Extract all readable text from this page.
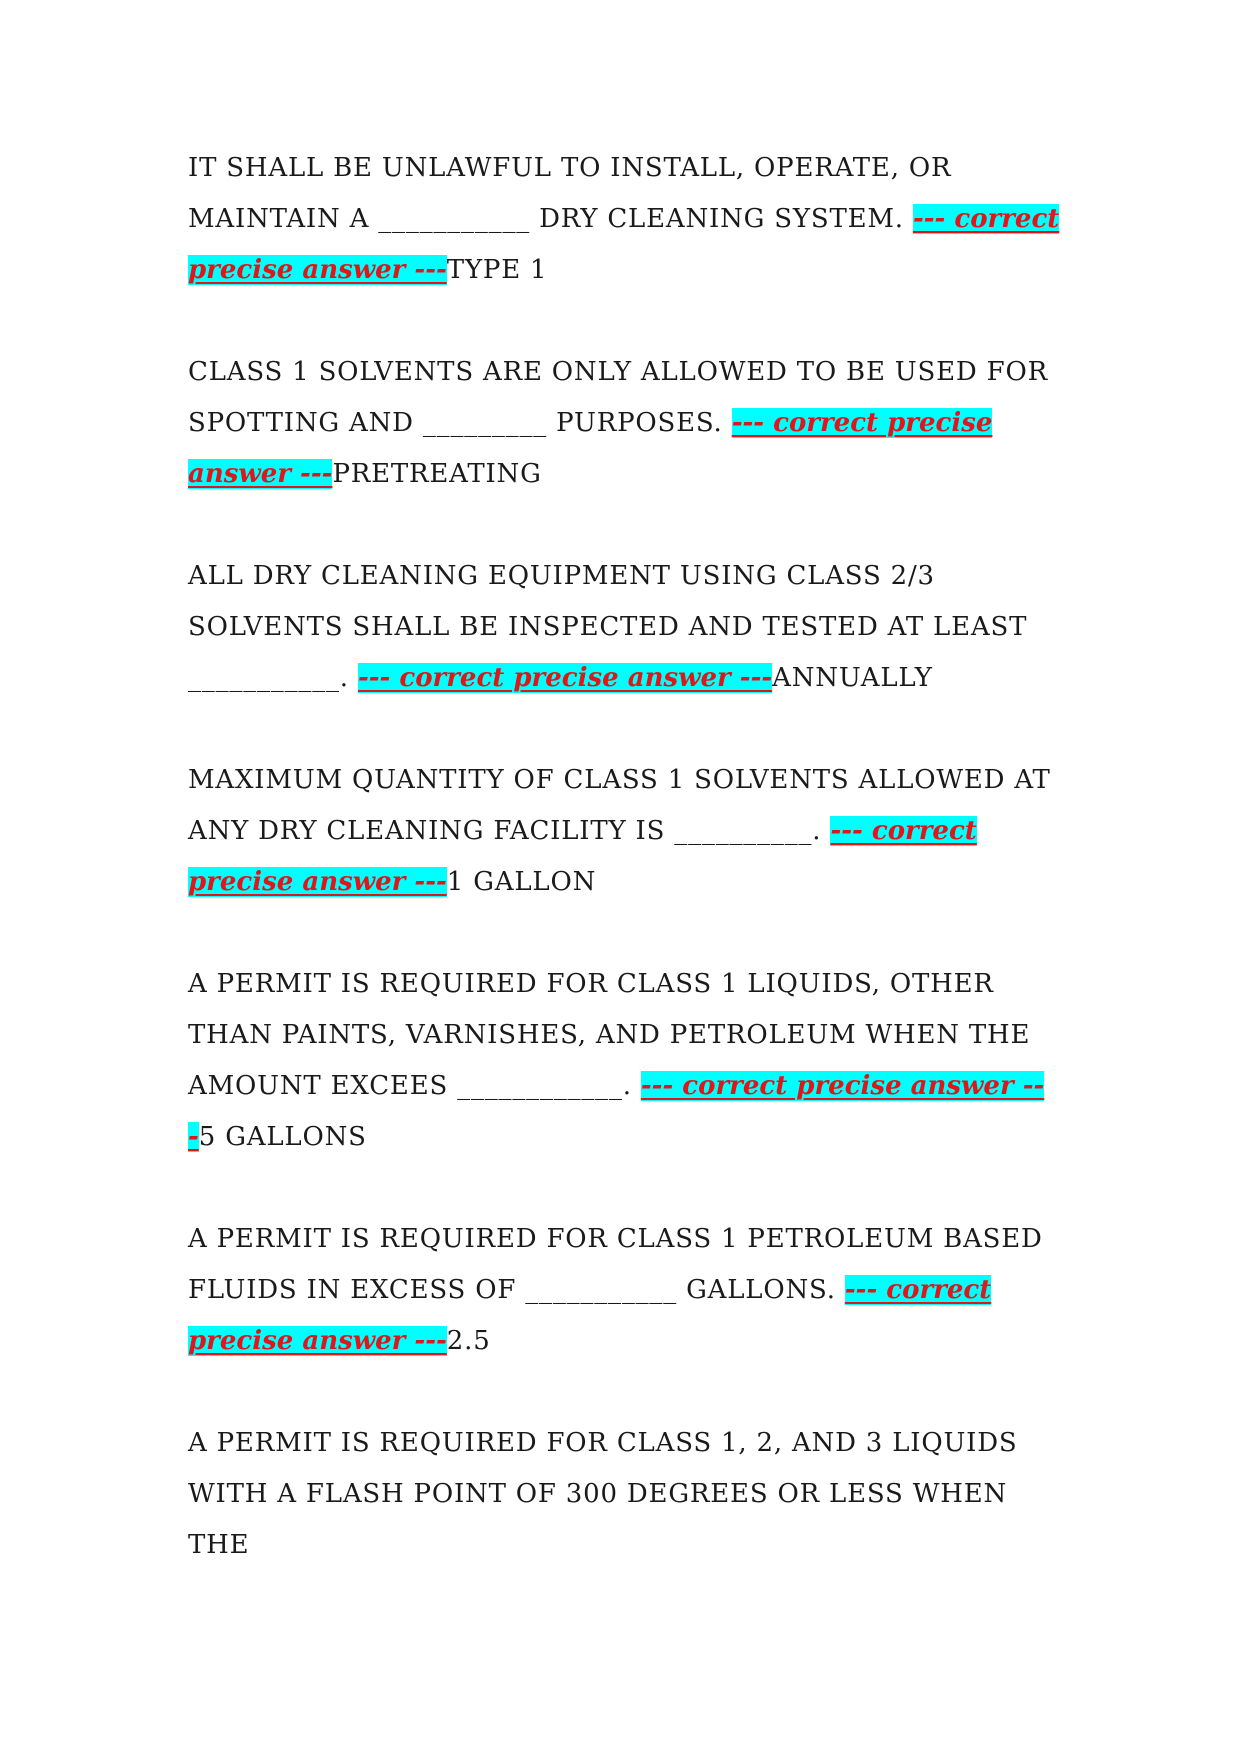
IT SHALL BE UNLAWFUL TO INSTALL, OPERATE, OR MAINTAIN A ___________ DRY CLEANING SYSTEM. --- correct precise answer ---TYPE 1

CLASS 1 SOLVENTS ARE ONLY ALLOWED TO BE USED FOR SPOTTING AND _________ PURPOSES. --- correct precise answer ---PRETREATING

ALL DRY CLEANING EQUIPMENT USING CLASS 2/3 SOLVENTS SHALL BE INSPECTED AND TESTED AT LEAST ___________. --- correct precise answer ---ANNUALLY

MAXIMUM QUANTITY OF CLASS 1 SOLVENTS ALLOWED AT ANY DRY CLEANING FACILITY IS __________. --- correct precise answer ---1 GALLON

A PERMIT IS REQUIRED FOR CLASS 1 LIQUIDS, OTHER THAN PAINTS, VARNISHES, AND PETROLEUM WHEN THE AMOUNT EXCEES ____________. --- correct precise answer ---5 GALLONS

A PERMIT IS REQUIRED FOR CLASS 1 PETROLEUM BASED FLUIDS IN EXCESS OF ___________ GALLONS. --- correct precise answer ---2.5

A PERMIT IS REQUIRED FOR CLASS 1, 2, AND 3 LIQUIDS WITH A FLASH POINT OF 300 DEGREES OR LESS WHEN THE
